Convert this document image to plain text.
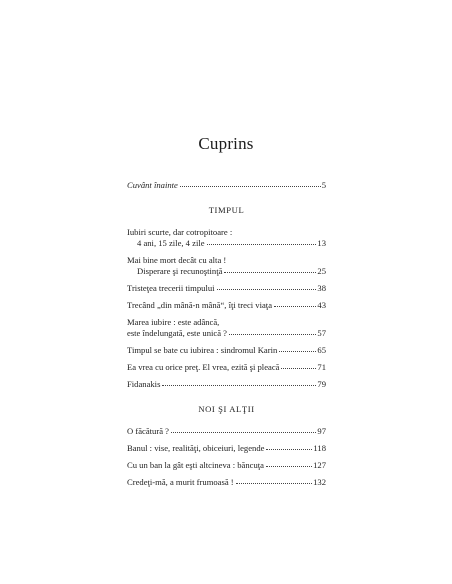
Cuprins
Cuvânt înainte	5
TIMPUL
Iubiri scurte, dar cotropitoare :
4 ani, 15 zile, 4 zile	13
Mai bine mort decât cu alta !
Disperare şi recunoştinţă	25
Tristeţea trecerii timpului	38
Trecând „din mână-n mână“, îţi treci viaţa	43
Marea iubire : este adâncă,
este îndelungată, este unică ?	57
Timpul se bate cu iubirea : sindromul Karin	65
Ea vrea cu orice preţ. El vrea, ezită şi pleacă	71
Fidanakis	79
NOI ŞI ALŢII
O făcătură ?	97
Banul : vise, realităţi, obiceiuri, legende	118
Cu un ban la gât eşti altcineva : băncuţa	127
Credeţi-mă, a murit frumoasă !	132
